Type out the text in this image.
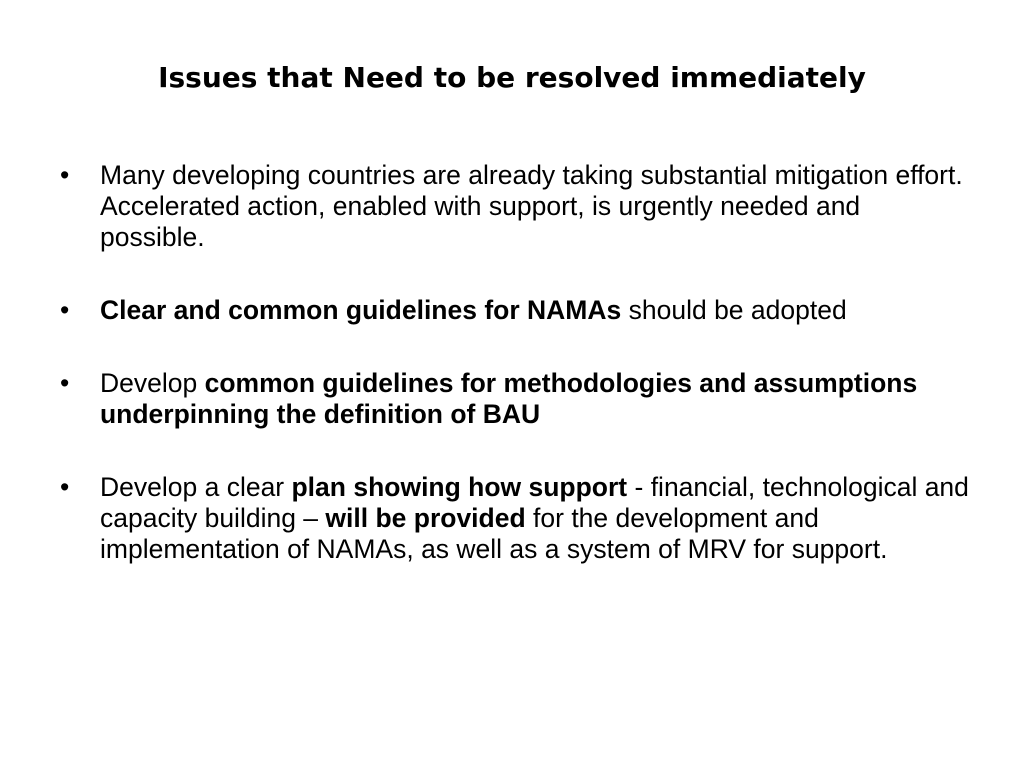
Issues that Need to be resolved immediately
•	Many developing countries are already taking substantial mitigation effort. Accelerated action, enabled with support, is urgently needed and possible.
•	Clear and common guidelines for NAMAs should be adopted
•	Develop common guidelines for methodologies and assumptions underpinning the definition of BAU
•	Develop a clear plan showing how support - financial, technological and capacity building – will be provided for the development and implementation of NAMAs, as well as a system of MRV for support.
